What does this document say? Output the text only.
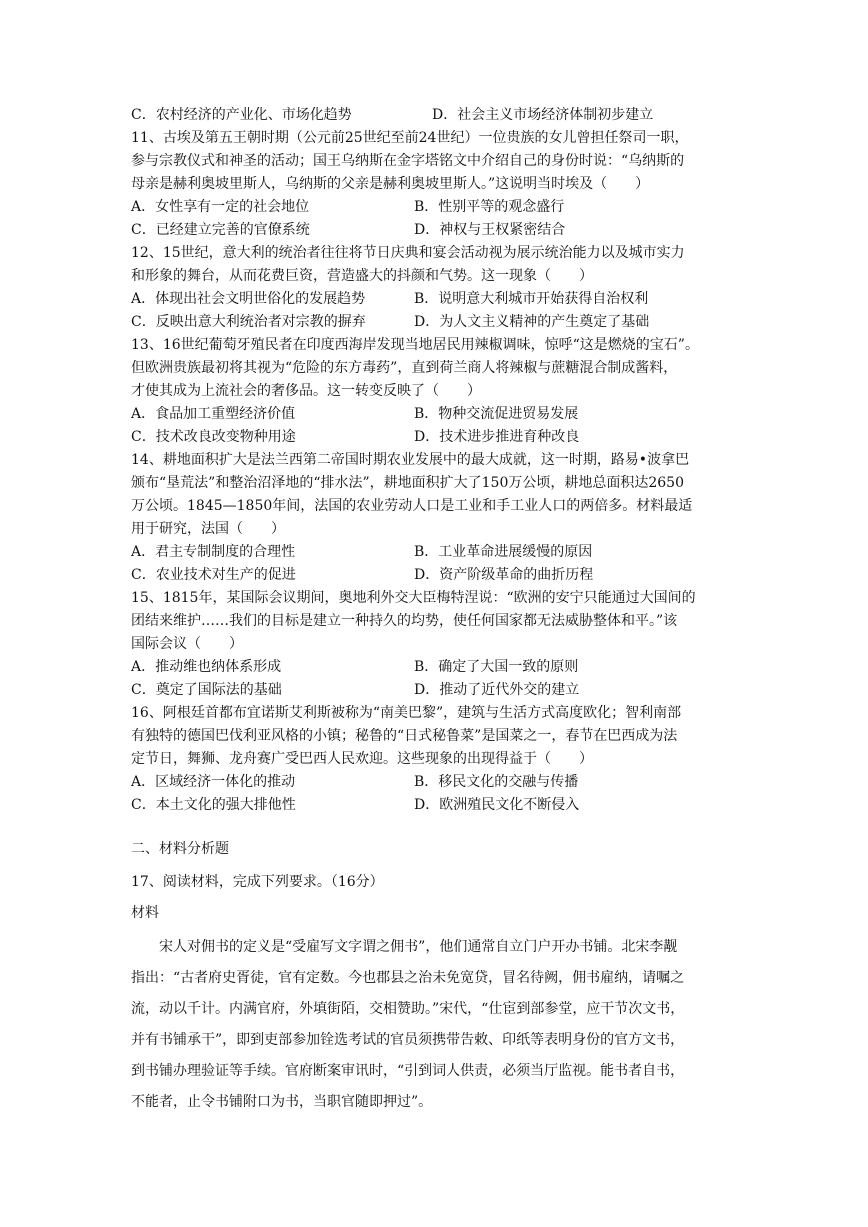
C．农村经济的产业化、市场化趋势	D．社会主义市场经济体制初步建立
11、古埃及第五王朝时期（公元前25世纪至前24世纪）一位贵族的女儿曾担任祭司一职，
参与宗教仪式和神圣的活动；国王乌纳斯在金字塔铭文中介绍自己的身份时说：“乌纳斯的
母亲是赫利奥坡里斯人，乌纳斯的父亲是赫利奥坡里斯人。”这说明当时埃及（　　）
A．女性享有一定的社会地位	B．性别平等的观念盛行
C．已经建立完善的官僚系统	D．神权与王权紧密结合
12、15世纪，意大利的统治者往往将节日庆典和宴会活动视为展示统治能力以及城市实力
和形象的舞台，从而花费巨资，营造盛大的抖颜和气势。这一现象（　　）
A．体现出社会文明世俗化的发展趋势	B．说明意大利城市开始获得自治权利
C．反映出意大利统治者对宗教的摒弃	D．为人文主义精神的产生奠定了基础
13、16世纪葡萄牙殖民者在印度西海岸发现当地居民用辣椒调味，惊呼“这是燃烧的宝石”。
但欧洲贵族最初将其视为“危险的东方毒药”，直到荷兰商人将辣椒与蔗糖混合制成酱料，
才使其成为上流社会的奢侈品。这一转变反映了（　　）
A．食品加工重塑经济价值	B．物种交流促进贸易发展
C．技术改良改变物种用途	D．技术进步推进育种改良
14、耕地面积扩大是法兰西第二帝国时期农业发展中的最大成就，这一时期，路易•波拿巴
颁布“垦荒法”和整治沼泽地的“排水法”，耕地面积扩大了150万公顷，耕地总面积达2650
万公顷。1845—1850年间，法国的农业劳动人口是工业和手工业人口的两倍多。材料最适
用于研究，法国（　　）
A．君主专制制度的合理性	B．工业革命进展缓慢的原因
C．农业技术对生产的促进	D．资产阶级革命的曲折历程
15、1815年，某国际会议期间，奥地利外交大臣梅特涅说：“欧洲的安宁只能通过大国间的
团结来维护……我们的目标是建立一种持久的均势，使任何国家都无法威胁整体和平。”该
国际会议（　　）
A．推动维也纳体系形成	B．确定了大国一致的原则
C．奠定了国际法的基础	D．推动了近代外交的建立
16、阿根廷首都布宜诺斯艾利斯被称为“南美巴黎”，建筑与生活方式高度欧化；智利南部
有独特的德国巴伐利亚风格的小镇；秘鲁的“日式秘鲁菜”是国菜之一，春节在巴西成为法
定节日，舞狮、龙舟赛广受巴西人民欢迎。这些现象的出现得益于（　　）
A．区域经济一体化的推动	B．移民文化的交融与传播
C．本土文化的强大排他性	D．欧洲殖民文化不断侵入
二、材料分析题
17、阅读材料，完成下列要求。（16分）
材料
宋人对佣书的定义是“受雇写文字谓之佣书”，他们通常自立门户开办书铺。北宋李觏
指出：“古者府史胥徒，官有定数。今也郡县之治未免宽贷，冒名待阙，佣书雇纳，请嘱之
流，动以千计。内满官府，外填街陌，交相赞助。”宋代，“仕宦到部参堂，应干节次文书，
并有书铺承干”，即到吏部参加铨选考试的官员须携带告敕、印纸等表明身份的官方文书，
到书铺办理验证等手续。官府断案审讯时，“引到词人供责，必须当厅监视。能书者自书，
不能者，止令书铺附口为书，当职官随即押过”。
